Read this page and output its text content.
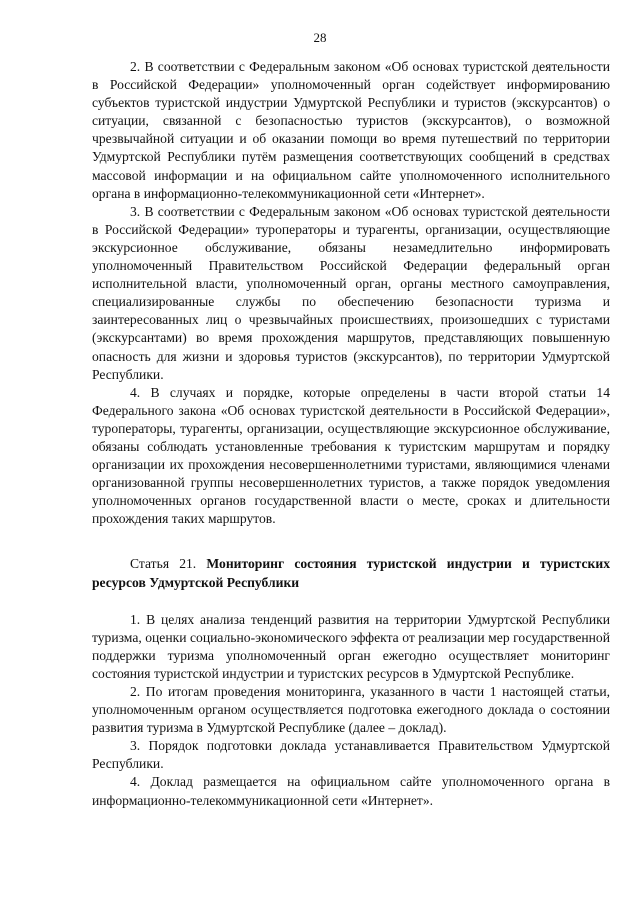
28

2. В соответствии с Федеральным законом «Об основах туристской деятельности в Российской Федерации» уполномоченный орган содействует информированию субъектов туристской индустрии Удмуртской Республики и туристов (экскурсантов) о ситуации, связанной с безопасностью туристов (экскурсантов), о возможной чрезвычайной ситуации и об оказании помощи во время путешествий по территории Удмуртской Республики путём размещения соответствующих сообщений в средствах массовой информации и на официальном сайте уполномоченного исполнительного органа в информационно-телекоммуникационной сети «Интернет».

3. В соответствии с Федеральным законом «Об основах туристской деятельности в Российской Федерации» туроператоры и турагенты, организации, осуществляющие экскурсионное обслуживание, обязаны незамедлительно информировать уполномоченный Правительством Российской Федерации федеральный орган исполнительной власти, уполномоченный орган, органы местного самоуправления, специализированные службы по обеспечению безопасности туризма и заинтересованных лиц о чрезвычайных происшествиях, произошедших с туристами (экскурсантами) во время прохождения маршрутов, представляющих повышенную опасность для жизни и здоровья туристов (экскурсантов), по территории Удмуртской Республики.

4. В случаях и порядке, которые определены в части второй статьи 14 Федерального закона «Об основах туристской деятельности в Российской Федерации», туроператоры, турагенты, организации, осуществляющие экскурсионное обслуживание, обязаны соблюдать установленные требования к туристским маршрутам и порядку организации их прохождения несовершеннолетними туристами, являющимися членами организованной группы несовершеннолетних туристов, а также порядок уведомления уполномоченных органов государственной власти о месте, сроках и длительности прохождения таких маршрутов.

Статья 21. Мониторинг состояния туристской индустрии и туристских ресурсов Удмуртской Республики

1. В целях анализа тенденций развития на территории Удмуртской Республики туризма, оценки социально-экономического эффекта от реализации мер государственной поддержки туризма уполномоченный орган ежегодно осуществляет мониторинг состояния туристской индустрии и туристских ресурсов в Удмуртской Республике.

2. По итогам проведения мониторинга, указанного в части 1 настоящей статьи, уполномоченным органом осуществляется подготовка ежегодного доклада о состоянии развития туризма в Удмуртской Республике (далее – доклад).

3. Порядок подготовки доклада устанавливается Правительством Удмуртской Республики.

4. Доклад размещается на официальном сайте уполномоченного органа в информационно-телекоммуникационной сети «Интернет».
